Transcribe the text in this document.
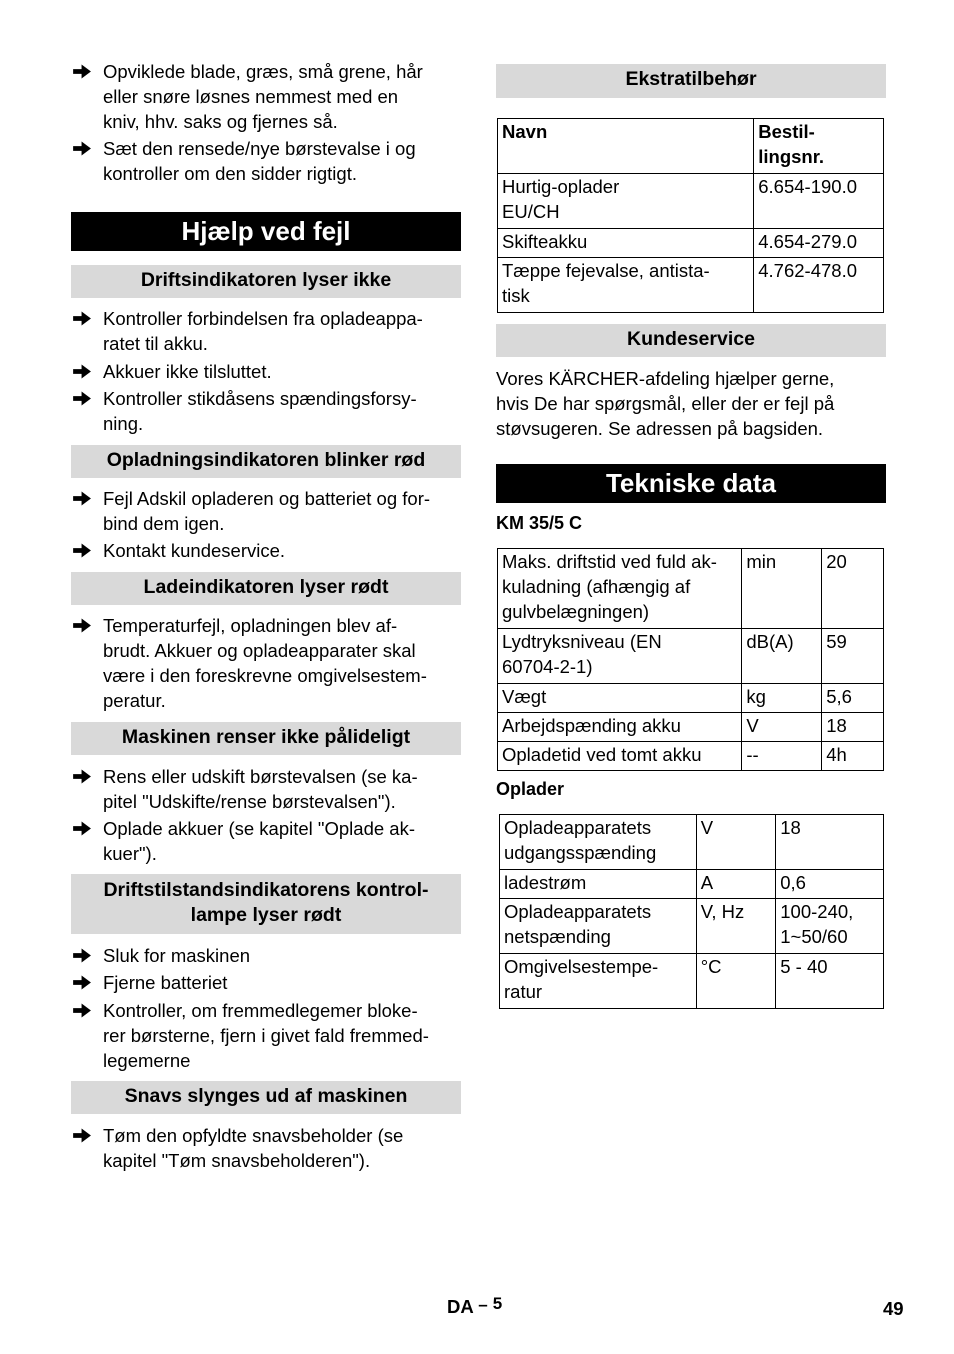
Opviklede blade, græs, små grene, hår
eller snøre løsnes nemmest med en
kniv, hhv. saks og fjernes så.
Sæt den rensede/nye børstevalse i og
kontroller om den sidder rigtigt.
Hjælp ved fejl
Driftsindikatoren lyser ikke
Kontroller forbindelsen fra opladeappa-
ratet til akku.
Akkuer ikke tilsluttet.
Kontroller stikdåsens spændingsforsy-
ning.
Opladningsindikatoren blinker rød
Fejl Adskil opladeren og batteriet og for-
bind dem igen.
Kontakt kundeservice.
Ladeindikatoren lyser rødt
Temperaturfejl, opladningen blev af-
brudt. Akkuer og opladeapparater skal
være i den foreskrevne omgivelsestem-
peratur.
Maskinen renser ikke pålideligt
Rens eller udskift børstevalsen (se ka-
pitel "Udskifte/rense børstevalsen").
Oplade akkuer (se kapitel "Oplade ak-
kuer").
Driftstilstandsindikatorens kontrol-
lampe lyser rødt
Sluk for maskinen
Fjerne batteriet
Kontroller, om fremmedlegemer bloke-
rer børsterne, fjern i givet fald fremmed-
legemerne
Snavs slynges ud af maskinen
Tøm den opfyldte snavsbeholder (se
kapitel "Tøm snavsbeholderen").
Ekstratilbehør
Navn	Bestil-
lingsnr.
Hurtig-oplader
EU/CH	6.654-190.0
Skifteakku	4.654-279.0
Tæppe fejevalse, antista-
tisk	4.762-478.0
Kundeservice
Vores KÄRCHER-afdeling hjælper gerne,
hvis De har spørgsmål, eller der er fejl på
støvsugeren. Se adressen på bagsiden.
Tekniske data
KM 35/5 C
Maks. driftstid ved fuld ak-
kuladning (afhængig af
gulvbelægningen)	min	20
Lydtryksniveau (EN
60704-2-1)	dB(A)	59
Vægt	kg	5,6
Arbejdspænding akku	V	18
Opladetid ved tomt akku	--	4h
Oplader
Opladeapparatets
udgangsspænding	V	18
ladestrøm	A	0,6
Opladeapparatets
netspænding	V, Hz	100-240,
1~50/60
Omgivelsestempe-
ratur	°C	5 - 40
DA – 5	49
